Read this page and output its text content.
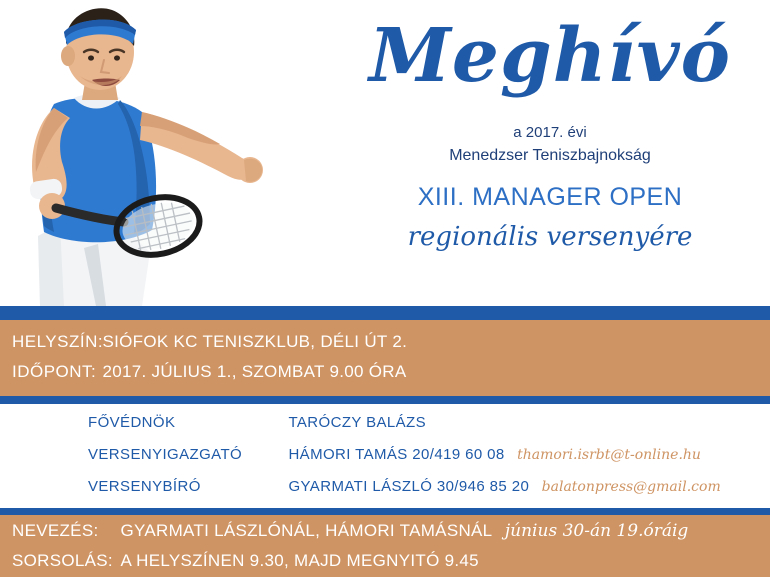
Meghívó
a 2017. évi
Menedzser Teniszbajnokság
XIII. MANAGER OPEN
regionális versenyére
HELYSZÍN: SIÓFOK KC TENISZKLUB, DÉLI ÚT 2.
IDŐPONT: 2017. JÚLIUS 1., SZOMBAT 9.00 ÓRA
FŐVÉDNÖK	TARÓCZY BALÁZS
VERSENYIGAZGATÓ	HÁMORI TAMÁS 20/419 60 08 thamori.isrbt@t-online.hu
VERSENYBÍRÓ	GYARMATI LÁSZLÓ 30/946 85 20 balatonpress@gmail.com
NEVEZÉS: GYARMATI LÁSZLÓNÁL, HÁMORI TAMÁSNÁL június 30-án 19.óráig
SORSOLÁS: A HELYSZÍNEN 9.30, MAJD MEGNYITÓ 9.45
